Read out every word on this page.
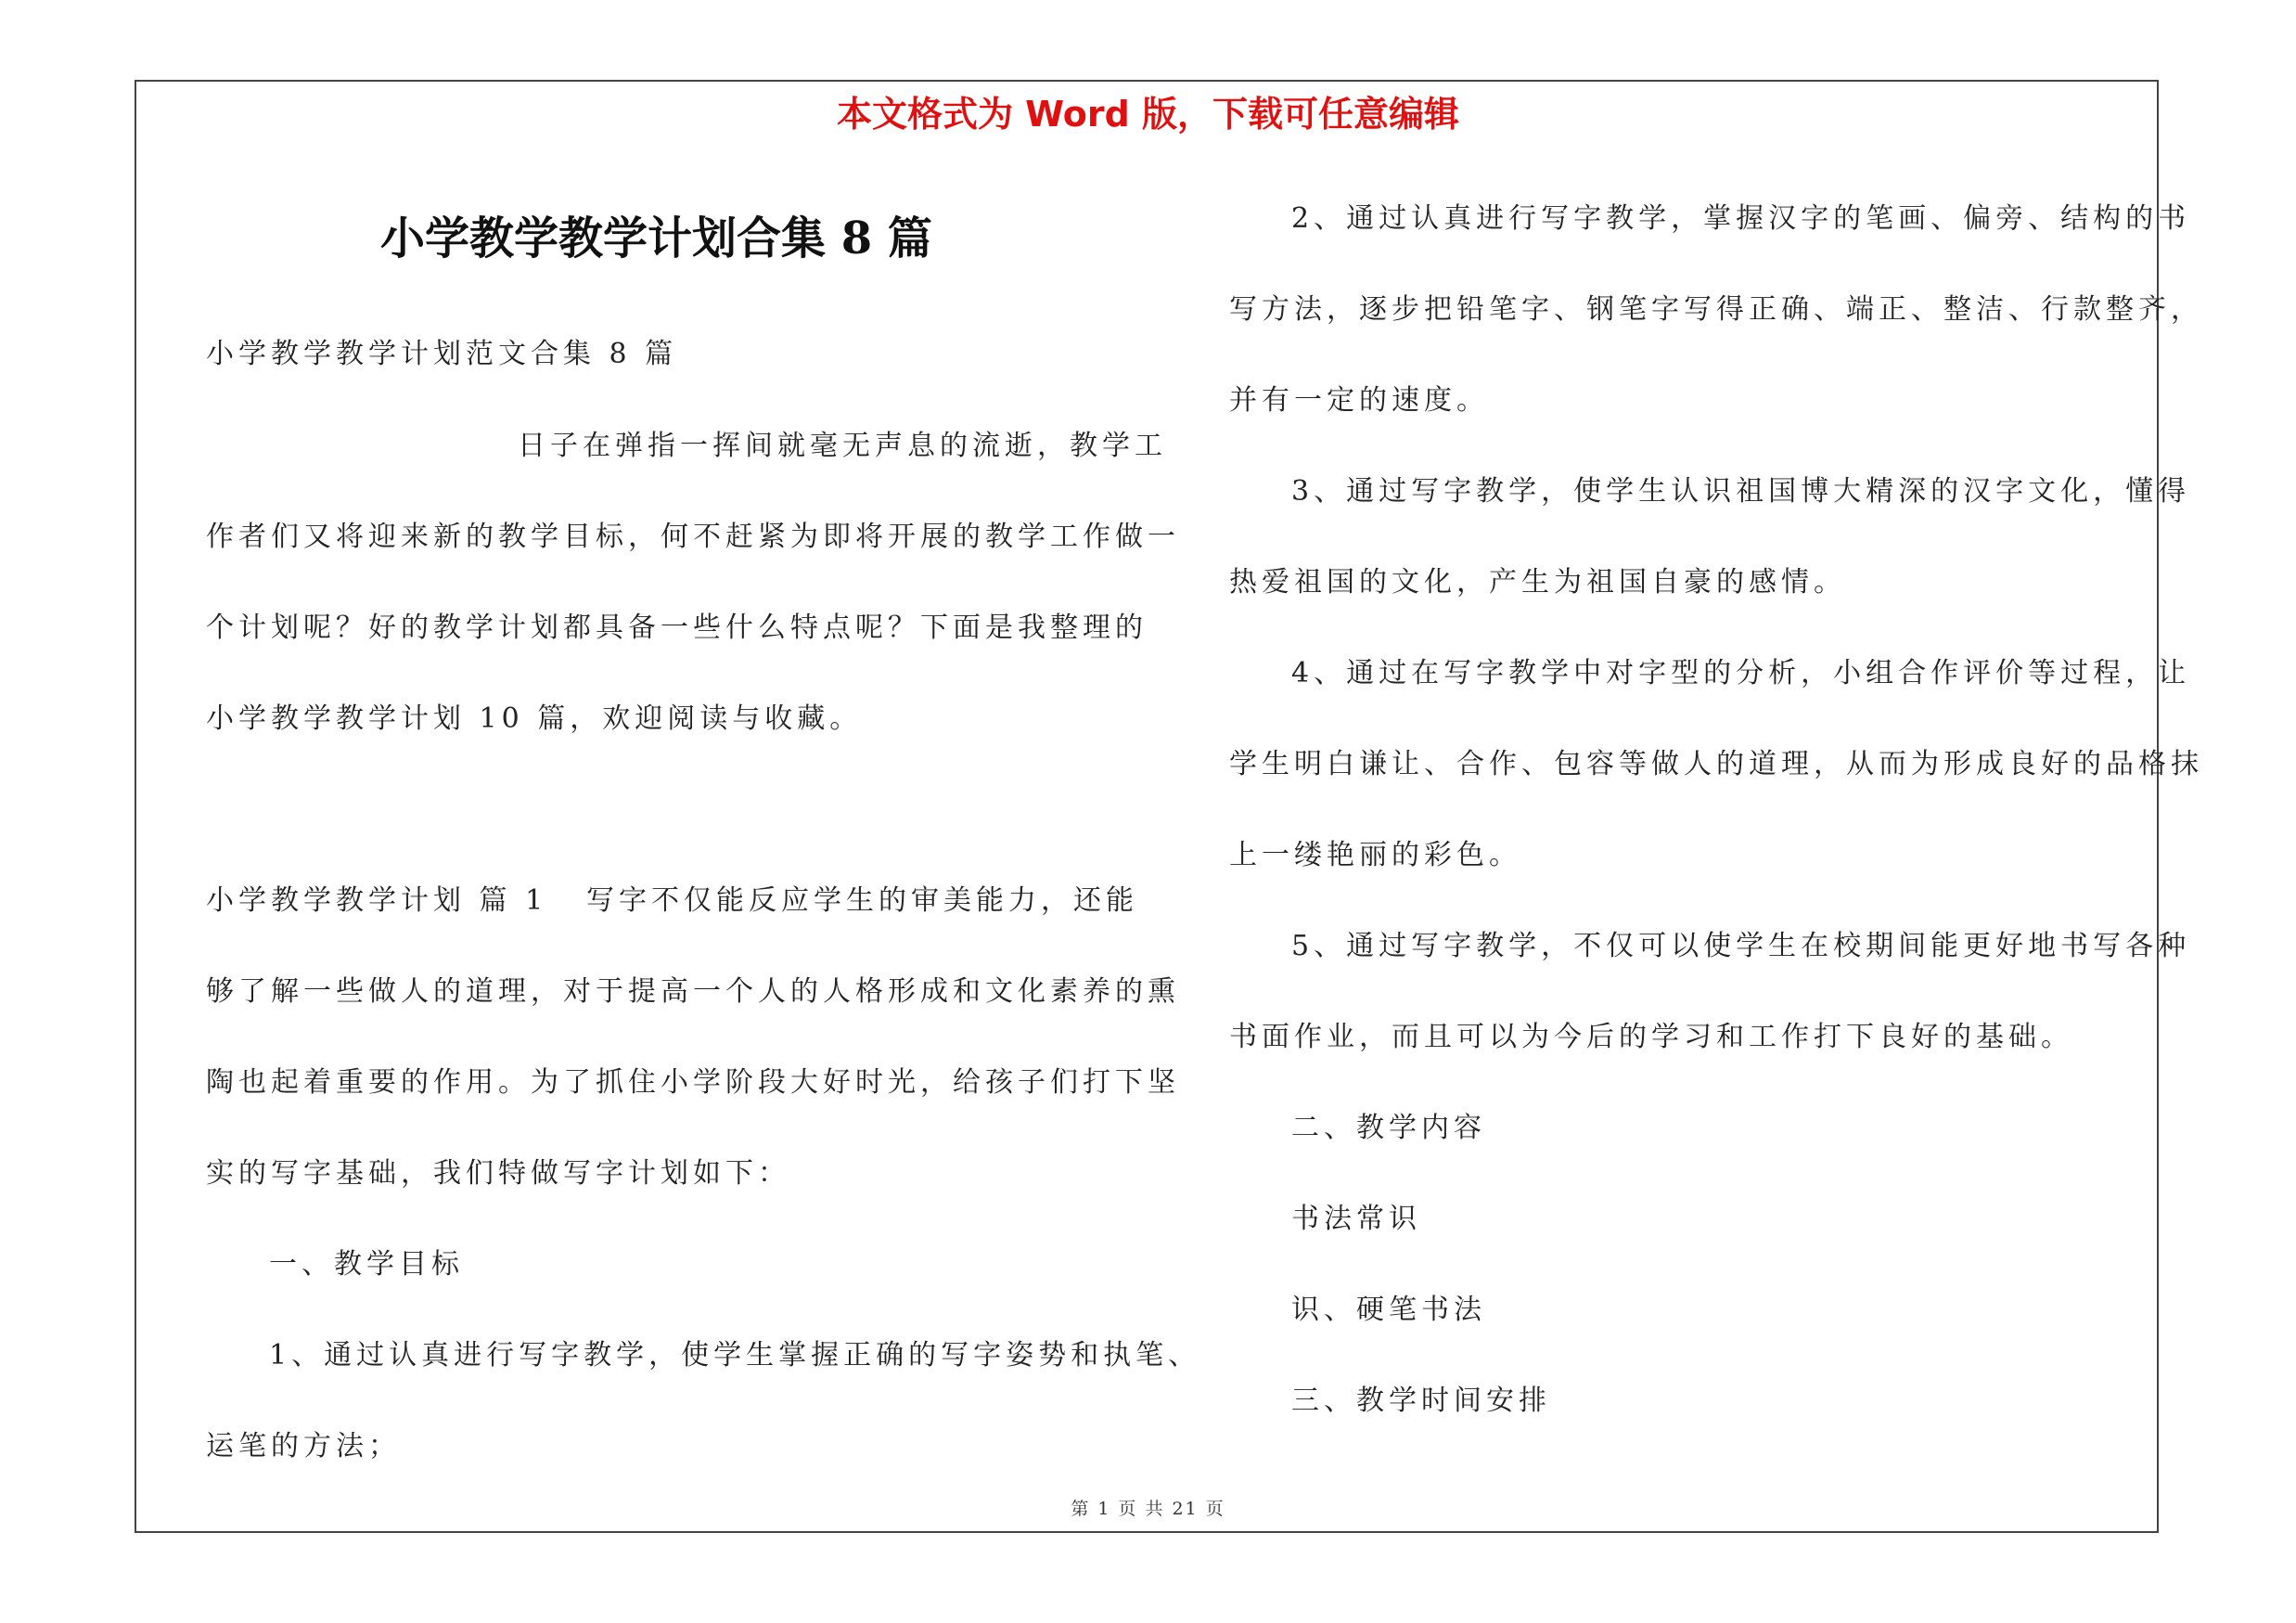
本文格式为 Word 版，下载可任意编辑
小学教学教学计划合集 8 篇
小学教学教学计划范文合集 8 篇
日子在弹指一挥间就毫无声息的流逝，教学工
作者们又将迎来新的教学目标，何不赶紧为即将开展的教学工作做一
个计划呢？好的教学计划都具备一些什么特点呢？下面是我整理的
小学教学教学计划 10 篇，欢迎阅读与收藏。
小学教学教学计划 篇 1 写字不仅能反应学生的审美能力，还能
够了解一些做人的道理，对于提高一个人的人格形成和文化素养的熏
陶也起着重要的作用。为了抓住小学阶段大好时光，给孩子们打下坚
实的写字基础，我们特做写字计划如下：
一、教学目标
1、通过认真进行写字教学，使学生掌握正确的写字姿势和执笔、
运笔的方法；
2、通过认真进行写字教学，掌握汉字的笔画、偏旁、结构的书
写方法，逐步把铅笔字、钢笔字写得正确、端正、整洁、行款整齐，
并有一定的速度。
3、通过写字教学，使学生认识祖国博大精深的汉字文化，懂得
热爱祖国的文化，产生为祖国自豪的感情。
4、通过在写字教学中对字型的分析，小组合作评价等过程，让
学生明白谦让、合作、包容等做人的道理，从而为形成良好的品格抹
上一缕艳丽的彩色。
5、通过写字教学，不仅可以使学生在校期间能更好地书写各种
书面作业，而且可以为今后的学习和工作打下良好的基础。
二、教学内容
书法常识
识、硬笔书法
三、教学时间安排
第 1 页 共 21 页
